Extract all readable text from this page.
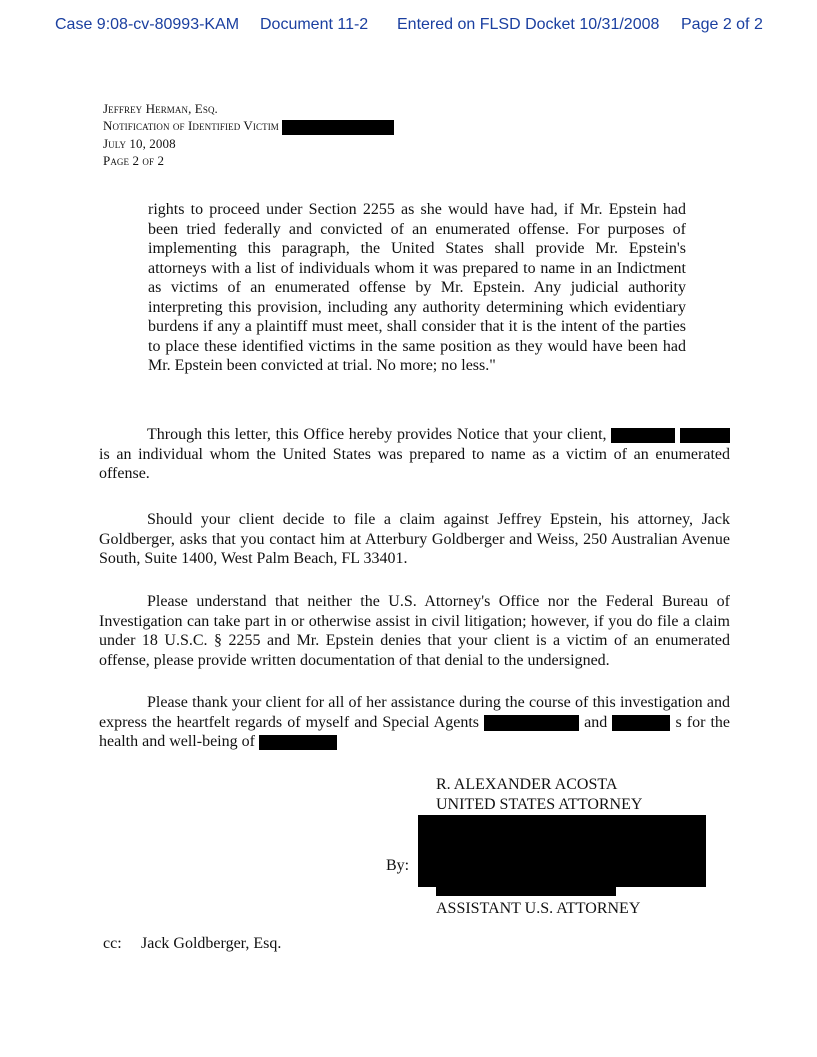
Case 9:08-cv-80993-KAM Document 11-2 Entered on FLSD Docket 10/31/2008 Page 2 of 2
Jeffrey Herman, Esq.
Notification of Identified Victim
July 10, 2008
Page 2 of 2
rights to proceed under Section 2255 as she would have had, if Mr. Epstein had been tried federally and convicted of an enumerated offense. For purposes of implementing this paragraph, the United States shall provide Mr. Epstein's attorneys with a list of individuals whom it was prepared to name in an Indictment as victims of an enumerated offense by Mr. Epstein. Any judicial authority interpreting this provision, including any authority determining which evidentiary burdens if any a plaintiff must meet, shall consider that it is the intent of the parties to place these identified victims in the same position as they would have been had Mr. Epstein been convicted at trial. No more; no less."
Through this letter, this Office hereby provides Notice that your client,   is an individual whom the United States was prepared to name as a victim of an enumerated offense.
Should your client decide to file a claim against Jeffrey Epstein, his attorney, Jack Goldberger, asks that you contact him at Atterbury Goldberger and Weiss, 250 Australian Avenue South, Suite 1400, West Palm Beach, FL 33401.
Please understand that neither the U.S. Attorney's Office nor the Federal Bureau of Investigation can take part in or otherwise assist in civil litigation; however, if you do file a claim under 18 U.S.C. § 2255 and Mr. Epstein denies that your client is a victim of an enumerated offense, please provide written documentation of that denial to the undersigned.
Please thank your client for all of her assistance during the course of this investigation and express the heartfelt regards of myself and Special Agents	and	s for the health and well-being of
R. ALEXANDER ACOSTA
UNITED STATES ATTORNEY
By:
ASSISTANT U.S. ATTORNEY
cc: Jack Goldberger, Esq.
